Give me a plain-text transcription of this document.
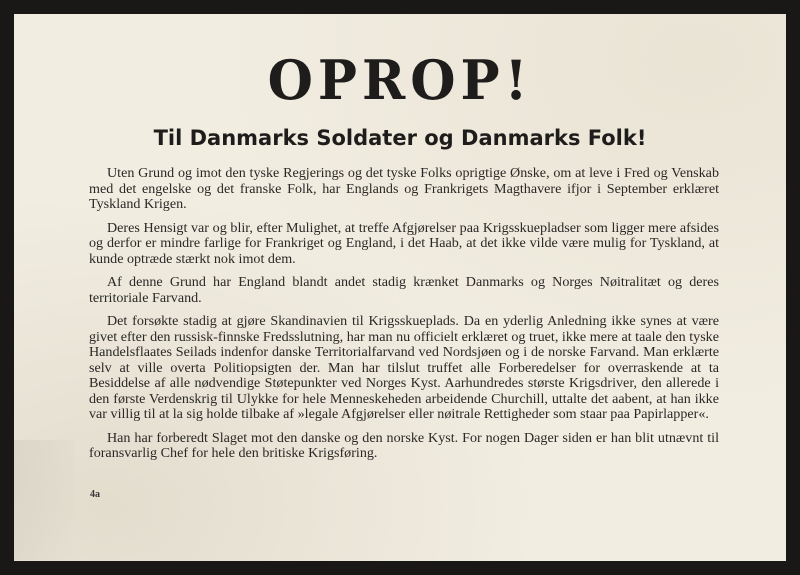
OPROP!
Til Danmarks Soldater og Danmarks Folk!

Uten Grund og imot den tyske Regjerings og det tyske Folks oprigtige Ønske, om at leve i Fred og Venskab med det engelske og det franske Folk, har Englands og Frankrigets Magthavere ifjor i September erklæret Tyskland Krigen.

Deres Hensigt var og blir, efter Mulighet, at treffe Afgjørelser paa Krigsskuepladser som ligger mere afsides og derfor er mindre farlige for Frankriget og England, i det Haab, at det ikke vilde være mulig for Tyskland, at kunde optræde stærkt nok imot dem.

Af denne Grund har England blandt andet stadig krænket Danmarks og Norges Nøitralitæt og deres territoriale Farvand.

Det forsøkte stadig at gjøre Skandinavien til Krigsskueplads. Da en yderlig Anledning ikke synes at være givet efter den russisk-finnske Fredsslutning, har man nu officielt erklæret og truet, ikke mere at taale den tyske Handelsflaates Seilads indenfor danske Territorialfarvand ved Nordsjøen og i de norske Farvand. Man erklærte selv at ville overta Politiopsigten der. Man har tilslut truffet alle Forberedelser for overraskende at ta Besiddelse af alle nødvendige Støtepunkter ved Norges Kyst. Aarhundredes største Krigsdriver, den allerede i den første Verdenskrig til Ulykke for hele Menneskeheden arbeidende Churchill, uttalte det aabent, at han ikke var villig til at la sig holde tilbake af »legale Afgjørelser eller nøitrale Rettigheder som staar paa Papirlapper«.

Han har forberedt Slaget mot den danske og den norske Kyst. For nogen Dager siden er han blit utnævnt til foransvarlig Chef for hele den britiske Krigsføring.

4a
